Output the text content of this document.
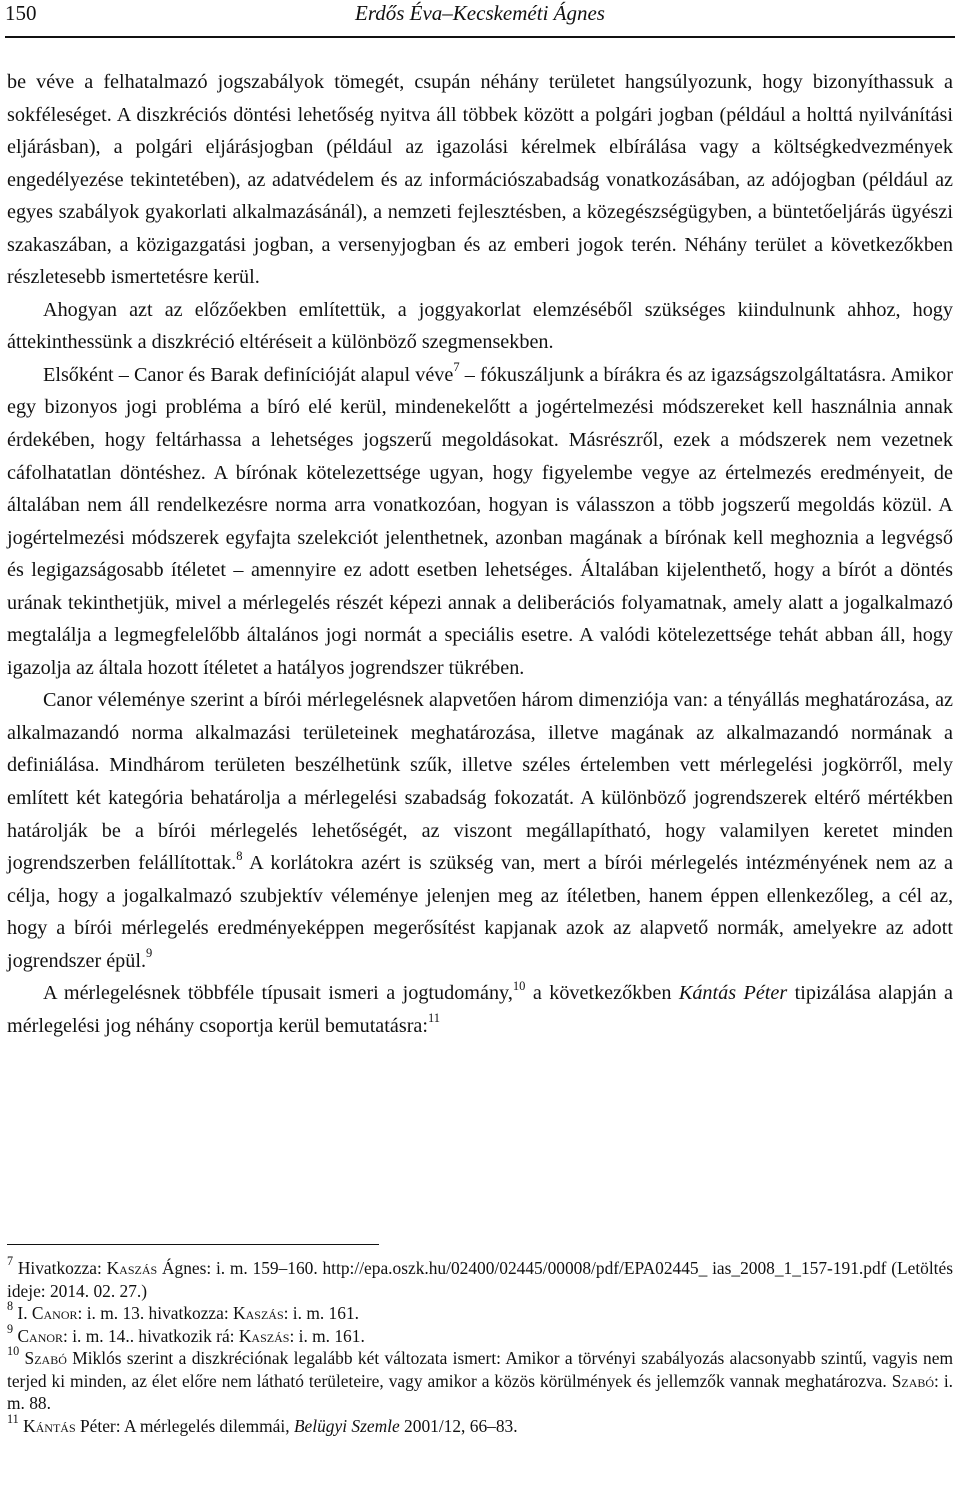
150	Erdős Éva–Kecskeméti Ágnes

be véve a felhatalmazó jogszabályok tömegét, csupán néhány területet hangsúlyozunk, hogy bizonyíthassuk a sokféleséget. A diszkréciós döntési lehetőség nyitva áll többek között a polgári jogban (például a holttá nyilvánítási eljárásban), a polgári eljárásjogban (például az igazolási kérelmek elbírálása vagy a költségkedvezmények engedélyezése tekintetében), az adatvédelem és az információszabadság vonatkozásában, az adójogban (például az egyes szabályok gyakorlati alkalmazásánál), a nemzeti fejlesztésben, a közegészségügyben, a büntetőeljárás ügyészi szakaszában, a közigazgatási jogban, a versenyjogban és az emberi jogok terén. Néhány terület a következőkben részletesebb ismertetésre kerül.

Ahogyan azt az előzőekben említettük, a joggyakorlat elemzéséből szükséges kiindulnunk ahhoz, hogy áttekinthessünk a diszkréció eltéréseit a különböző szegmensekben.

Elsőként – Canor és Barak definícióját alapul véve$^7$ – fókuszáljunk a bírákra és az igazságszolgáltatásra. Amikor egy bizonyos jogi probléma a bíró elé kerül, mindenekelőtt a jogértelmezési módszereket kell használnia annak érdekében, hogy feltárhassa a lehetséges jogszerű megoldásokat. Másrészről, ezek a módszerek nem vezetnek cáfolhatatlan döntéshez. A bírónak kötelezettsége ugyan, hogy figyelembe vegye az értelmezés eredményeit, de általában nem áll rendelkezésre norma arra vonatkozóan, hogyan is válasszon a több jogszerű megoldás közül. A jogértelmezési módszerek egyfajta szelekciót jelenthetnek, azonban magának a bírónak kell meghoznia a legvégső és legigazságosabb ítéletet – amennyire ez adott esetben lehetséges. Általában kijelenthető, hogy a bírót a döntés urának tekinthetjük, mivel a mérlegelés részét képezi annak a deliberációs folyamatnak, amely alatt a jogalkalmazó megtalálja a legmegfelelőbb általános jogi normát a speciális esetre. A valódi kötelezettsége tehát abban áll, hogy igazolja az általa hozott ítéletet a hatályos jogrendszer tükrében.

Canor véleménye szerint a bírói mérlegelésnek alapvetően három dimenziója van: a tényállás meghatározása, az alkalmazandó norma alkalmazási területeinek meghatározása, illetve magának az alkalmazandó normának a definiálása. Mindhárom területen beszélhetünk szűk, illetve széles értelemben vett mérlegelési jogkörről, mely említett két kategória behatárolja a mérlegelési szabadság fokozatát. A különböző jogrendszerek eltérő mértékben határolják be a bírói mérlegelés lehetőségét, az viszont megállapítható, hogy valamilyen keretet minden jogrendszerben felállítottak.$^8$ A korlátokra azért is szükség van, mert a bírói mérlegelés intézményének nem az a célja, hogy a jogalkalmazó szubjektív véleménye jelenjen meg az ítéletben, hanem éppen ellenkezőleg, a cél az, hogy a bírói mérlegelés eredményeképpen megerősítést kapjanak azok az alapvető normák, amelyekre az adott jogrendszer épül.$^9$

A mérlegelésnek többféle típusait ismeri a jogtudomány,$^{10}$ a következőkben Kántás Péter tipizálása alapján a mérlegelési jog néhány csoportja kerül bemutatásra:$^{11}$

$^7$ Hivatkozza: Kaszás Ágnes: i. m. 159–160. http://epa.oszk.hu/02400/02445/00008/pdf/EPA02445_ ias_2008_1_157-191.pdf (Letöltés ideje: 2014. 02. 27.)

$^8$ I. Canor: i. m. 13. hivatkozza: Kaszás: i. m. 161.

$^9$ Canor: i. m. 14.. hivatkozik rá: Kaszás: i. m. 161.

$^{10}$ Szabó Miklós szerint a diszkréciónak legalább két változata ismert: Amikor a törvényi szabályozás alacsonyabb szintű, vagyis nem terjed ki minden, az élet előre nem látható területeire, vagy amikor a közös körülmények és jellemzők vannak meghatározva. Szabó: i. m. 88.

$^{11}$ Kántás Péter: A mérlegelés dilemmái, Belügyi Szemle 2001/12, 66–83.
